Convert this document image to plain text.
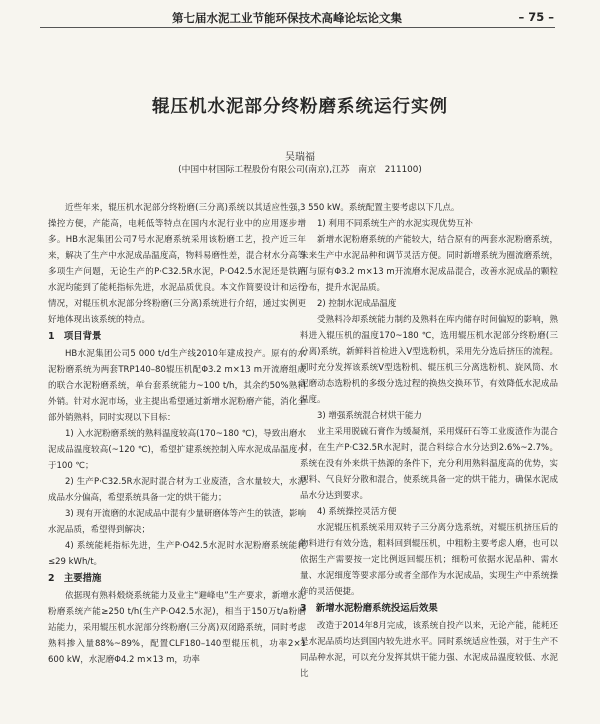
第七届水泥工业节能环保技术高峰论坛论文集	– 75 –
辊压机水泥部分终粉磨系统运行实例
吴瑞福
(中国中材国际工程股份有限公司(南京),江苏　南京　211100)

近些年来，辊压机水泥部分终粉磨(三分离)系统以其适应性强，操控方便，产能高，电耗低等特点在国内水泥行业中的应用逐步增多。HB水泥集团公司7号水泥磨系统采用该粉磨工艺，投产近三年来，解决了生产中水泥成品温度高，物料易磨性差，混合材水分高等多项生产问题，无论生产的P·C32.5R水泥，P·O42.5水泥还是铁路水泥均能到了能耗指标先进，水泥品质优良。本文作简要设计和运行情况，对辊压机水泥部分终粉磨(三分离)系统进行介绍，通过实例更好地体现出该系统的特点。

1　项目背景

HB水泥集团公司5 000 t/d生产线2010年建成投产。原有的水泥粉磨系统为两套TRP140–80辊压机配Φ3.2 m×13 m开流磨组成的联合水泥粉磨系统，单台套系统能力~100 t/h，其余约50%熟料外销。针对水泥市场，业主提出希望通过新增水泥粉磨产能，消化全部外销熟料，同时实现以下目标：

1) 入水泥粉磨系统的熟料温度较高(170~180 ℃)，导致出磨水泥成品温度较高(~120 ℃)，希望扩建系统控制入库水泥成品温度小于100 ℃；

2) 生产P·C32.5R水泥时混合材为工业废渣，含水量较大，水泥成品水分偏高，希望系统具备一定的烘干能力；

3) 现有开流磨的水泥成品中混有少量研磨体等产生的铁渣，影响水泥品质，希望得到解决；

4) 系统能耗指标先进，生产P·O42.5水泥时水泥粉磨系统能耗≤29 kWh/t。

2　主要措施

依据现有熟料煅烧系统能力及业主“避峰电”生产要求，新增水泥粉磨系统产能≥250 t/h(生产P·O42.5水泥)，相当于150万t/a粉磨站能力，采用辊压机水泥部分终粉磨(三分离)双闭路系统，同时考虑熟料掺入量88%~89%，配置CLF180–140型辊压机，功率2×1 600 kW，水泥磨Φ4.2 m×13 m，功率

3 550 kW。系统配置主要考虑以下几点。

1) 利用不同系统生产的水泥实现优势互补

新增水泥粉磨系统的产能较大，结合原有的两套水泥粉磨系统，未来生产中水泥品种和调节灵活方便。同时新增系统为圈流磨系统，可与原有Φ3.2 m×13 m开流磨水泥成品混合，改善水泥成品的颗粒分布，提升水泥品质。

2) 控制水泥成品温度

受熟料冷却系统能力制约及熟料在库内储存时间偏短的影响，熟料进入辊压机的温度170~180 ℃，选用辊压机水泥部分终粉磨(三分离)系统，新鲜料首检进入V型选粉机，采用先分选后挤压的流程。同时充分发挥该系统V型选粉机、辊压机三分离选粉机、旋风筒、水泥磨动态选粉机的多级分选过程的换热交换环节，有效降低水泥成品温度。

3) 增强系统混合材烘干能力

业主采用脱硫石膏作为缓凝剂，采用煤矸石等工业废渣作为混合材，在生产P·C32.5R水泥时，混合料综合水分达到2.6%~2.7%。系统在没有外来烘干热源的条件下，充分利用熟料温度高的优势，实现料、气良好分散和混合，使系统具备一定的烘干能力，确保水泥成品水分达到要求。

4) 系统操控灵活方便

水泥辊压机系统采用双转子三分离分选系统，对辊压机挤压后的物料进行有效分选，粗料回到辊压机，中粗粉主要考虑人磨，也可以依据生产需要按一定比例返回辊压机；细粉可依据水泥品种、需水量、水泥细度等要求部分或者全部作为水泥成品，实现生产中系统操作的灵活便捷。

3　新增水泥粉磨系统投运后效果

改造于2014年8月完成，该系统自投产以来，无论产能，能耗还是水泥品质均达到国内较先进水平。同时系统适应性强，对于生产不同品种水泥，可以充分发挥其烘干能力强、水泥成品温度较低、水泥比
